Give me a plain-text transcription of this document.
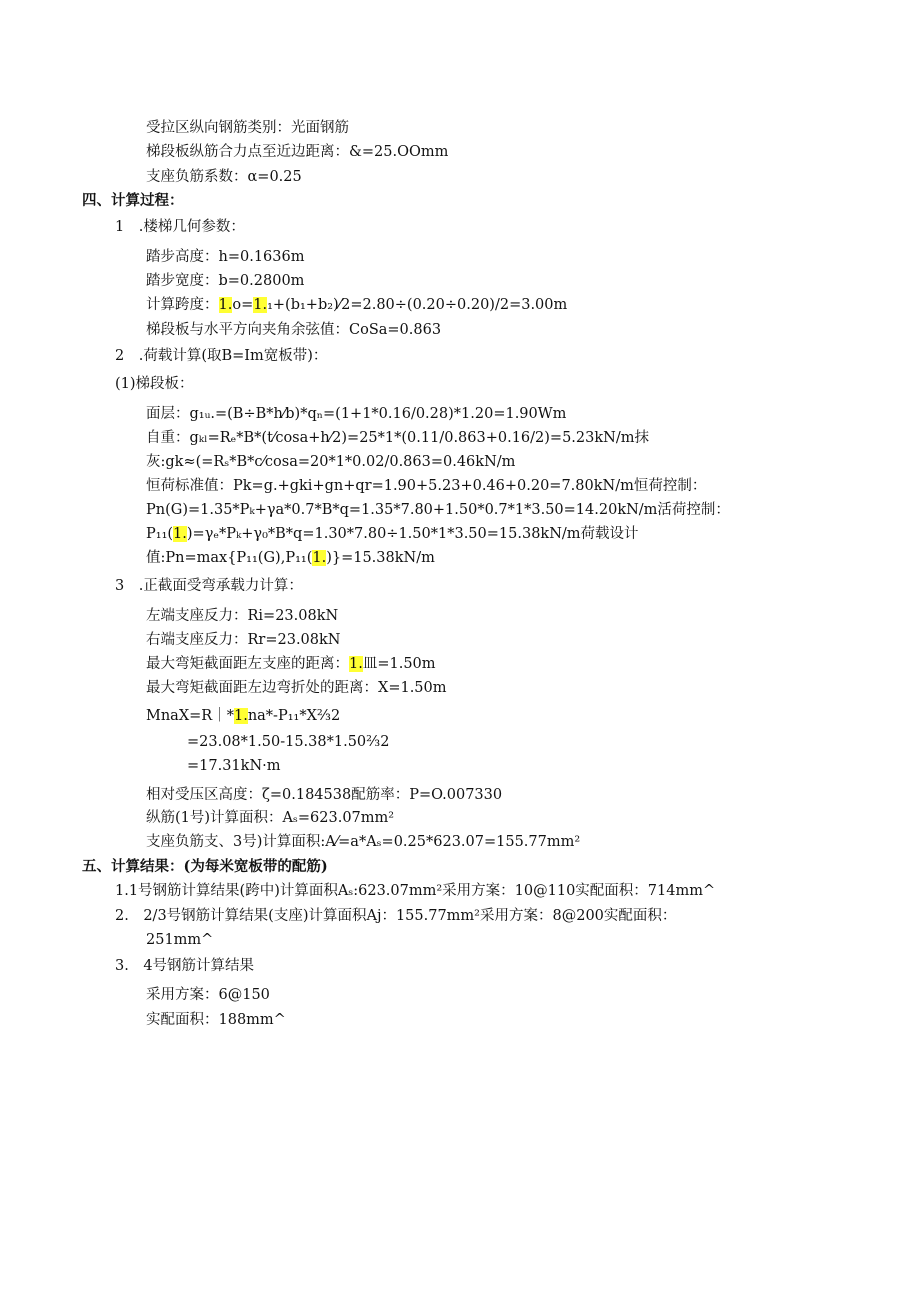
受拉区纵向钢筋类别：光面钢筋
梯段板纵筋合力点至近边距离：&=25.OOmm
支座负筋系数：α=0.25
四、计算过程：
1　.楼梯几何参数：
踏步高度：h=0.1636m
踏步宽度：b=0.2800m
计算跨度：1.o=1.₁+(b₁+b₂)⁄2=2.80÷(0.20÷0.20)/2=3.00m
梯段板与水平方向夹角余弦值：CoSa=0.863
2　.荷载计算(取B=Im宽板带)：
(1)梯段板：
面层：g₁ᵤ.=(B÷B*h⁄b)*qₙ=(1+1*0.16/0.28)*1.20=1.90Wm
自重：gₖₗ=Rₑ*B*(t⁄cosa+h⁄2)=25*1*(0.11/0.863+0.16/2)=5.23kN/m抹
灰:gk≈(=Rₛ*B*c⁄cosa=20*1*0.02/0.863=0.46kN/m
恒荷标准值：Pk=g.+gki+gn+qr=1.90+5.23+0.46+0.20=7.80kN/m恒荷控制：
Pn(G)=1.35*Pₖ+γa*0.7*B*q=1.35*7.80+1.50*0.7*1*3.50=14.20kN/m活荷控制：
P₁₁(1.)=γₑ*Pₖ+γ₀*B*q=1.30*7.80÷1.50*1*3.50=15.38kN/m荷载设计
值:Pn=max{P₁₁(G),P₁₁(1.)}=15.38kN/m
3　.正截面受弯承载力计算：
左端支座反力：Ri=23.08kN
右端支座反力：Rr=23.08kN
最大弯矩截面距左支座的距离：1.皿=1.50m
最大弯矩截面距左边弯折处的距离：X=1.50m
MnaX=R｜*1.na*-P₁₁*X⅔2
=23.08*1.50-15.38*1.50⅔2
=17.31kN·m
相对受压区高度：ζ=0.184538配筋率：P=O.007330
纵筋(1号)计算面积：Aₛ=623.07mm²
支座负筋支、3号)计算面积:A⁄=a*Aₛ=0.25*623.07=155.77mm²
五、计算结果：(为每米宽板带的配筋)
1.1号钢筋计算结果(跨中)计算面积Aₛ:623.07mm²采用方案：10@110实配面积：714mm^
2.　2/3号钢筋计算结果(支座)计算面积Aj：155.77mm²采用方案：8@200实配面积：
251mm^
3.　4号钢筋计算结果
采用方案：6@150
实配面积：188mm^
